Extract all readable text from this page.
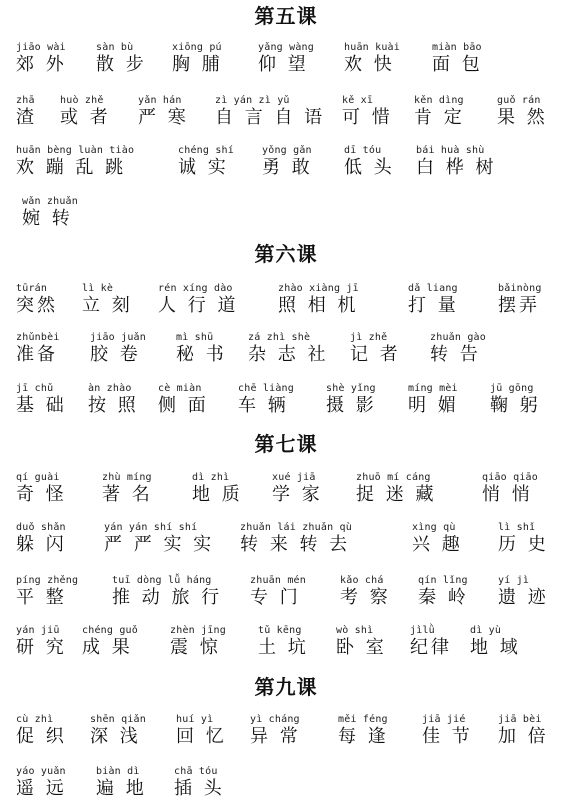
第五课
jiāo wài
郊 外
sàn bù
散 步
xiōng pú
胸 脯
yǎng wàng
仰 望
huān kuài
欢 快
miàn bāo
面 包
zhā
渣
huò zhě
或 者
yǎn hán
严 寒
zì yán zì yǔ
自 言 自 语
kě xī
可 惜
kěn dìng
肯 定
guǒ rán
果 然
huān bèng luàn tiào
欢 蹦 乱 跳
chéng shí
诚 实
yǒng gǎn
勇 敢
dī tóu
低 头
bái huà shù
白 桦 树
wǎn zhuǎn
婉 转
第六课
tūrán
突然
lì kè
立 刻
rén xíng dào
人 行 道
zhào xiàng jī
照 相 机
dǎ liang
打 量
bǎinòng
摆弄
zhǔnbèi
准备
jiāo juǎn
胶 卷
mì shū
秘 书
zá zhì shè
杂 志 社
jì zhě
记 者
zhuǎn gào
转 告
jī chǔ
基 础
àn zhào
按 照
cè miàn
侧 面
chē liàng
车 辆
shè yǐng
摄 影
míng mèi
明 媚
jū gōng
鞠 躬
第七课
qí guài
奇 怪
zhù míng
著 名
dì zhì
地 质
xué jiā
学 家
zhuō mí cáng
捉 迷 藏
qiāo qiāo
悄 悄
duǒ shǎn
躲 闪
yán yán shí shí
严 严 实 实
zhuǎn lái zhuǎn qù
转 来 转 去
xìng qù
兴 趣
lì shǐ
历 史
píng zhěng
平 整
tuī dòng lǚ háng
推 动 旅 行
zhuān mén
专 门
kǎo chá
考 察
qín lǐng
秦 岭
yí jì
遗 迹
yán jiū
研 究
chéng guǒ
成 果
zhèn jīng
震 惊
tǔ kēng
土 坑
wò shì
卧 室
jìlǜ
纪律
dì yù
地 域
第九课
cù zhì
促 织
shēn qiǎn
深 浅
huí yì
回 忆
yì cháng
异 常
měi féng
每 逢
jiā jié
佳 节
jiā bèi
加 倍
yáo yuǎn
遥 远
biàn dì
遍 地
chā tóu
插 头
